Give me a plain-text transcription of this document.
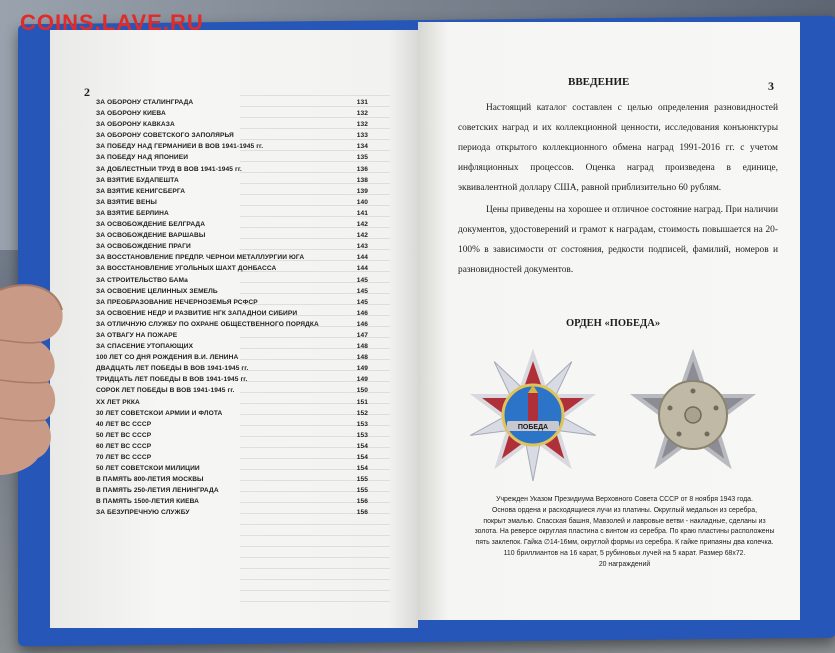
COINS.LAVE.RU
2
ЗА ОБОРОНУ СТАЛИНГРАДА	131
ЗА ОБОРОНУ КИЕВА	132
ЗА ОБОРОНУ КАВКАЗА	132
ЗА ОБОРОНУ СОВЕТСКОГО ЗАПОЛЯРЬЯ	133
ЗА ПОБЕДУ НАД ГЕРМАНИЕЙ В ВОВ 1941-1945 гг.	134
ЗА ПОБЕДУ НАД ЯПОНИЕЙ	135
ЗА ДОБЛЕСТНЫЙ ТРУД В ВОВ 1941-1945 гг.	136
ЗА ВЗЯТИЕ БУДАПЕШТА	138
ЗА ВЗЯТИЕ КЕНИГСБЕРГА	139
ЗА ВЗЯТИЕ ВЕНЫ	140
ЗА ВЗЯТИЕ БЕРЛИНА	141
ЗА ОСВОБОЖДЕНИЕ БЕЛГРАДА	142
ЗА ОСВОБОЖДЕНИЕ ВАРШАВЫ	142
ЗА ОСВОБОЖДЕНИЕ ПРАГИ	143
ЗА ВОССТАНОВЛЕНИЕ ПРЕДПР. ЧЕРНОЙ МЕТАЛЛУРГИИ ЮГА	144
ЗА ВОССТАНОВЛЕНИЕ УГОЛЬНЫХ ШАХТ ДОНБАССА	144
ЗА СТРОИТЕЛЬСТВО БАМа	145
ЗА ОСВОЕНИЕ ЦЕЛИННЫХ ЗЕМЕЛЬ	145
ЗА ПРЕОБРАЗОВАНИЕ НЕЧЕРНОЗЕМЬЯ РСФСР	145
ЗА ОСВОЕНИЕ НЕДР И РАЗВИТИЕ НГК ЗАПАДНОЙ СИБИРИ	146
ЗА ОТЛИЧНУЮ СЛУЖБУ ПО ОХРАНЕ ОБЩЕСТВЕННОГО ПОРЯДКА	146
ЗА ОТВАГУ НА ПОЖАРЕ	147
ЗА СПАСЕНИЕ УТОПАЮЩИХ	148
100 ЛЕТ СО ДНЯ РОЖДЕНИЯ В.И. ЛЕНИНА	148
ДВАДЦАТЬ ЛЕТ ПОБЕДЫ В ВОВ 1941-1945 гг.	149
ТРИДЦАТЬ ЛЕТ ПОБЕДЫ В ВОВ 1941-1945 гг.	149
СОРОК ЛЕТ ПОБЕДЫ В ВОВ 1941-1945 гг.	150
XX ЛЕТ РККА	151
30 ЛЕТ СОВЕТСКОЙ АРМИИ И ФЛОТА	152
40 ЛЕТ ВС СССР	153
50 ЛЕТ ВС СССР	153
60 ЛЕТ ВС СССР	154
70 ЛЕТ ВС СССР	154
50 ЛЕТ СОВЕТСКОЙ МИЛИЦИИ	154
В ПАМЯТЬ 800-ЛЕТИЯ МОСКВЫ	155
В ПАМЯТЬ 250-ЛЕТИЯ ЛЕНИНГРАДА	155
В ПАМЯТЬ 1500-ЛЕТИЯ КИЕВА	156
ЗА БЕЗУПРЕЧНУЮ СЛУЖБУ	156
ВВЕДЕНИЕ	3

Настоящий каталог составлен с целью определения разновидностей советских наград и их коллекционной ценности, исследования конъюнктуры периода открытого коллекционного обмена наград 1991-2016 гг. с учетом инфляционных процессов. Оценка наград произведена в единице, эквивалентной доллару США, равной приблизительно 60 рублям.

Цены приведены на хорошее и отличное состояние наград. При наличии документов, удостоверений и грамот к наградам, стоимость повышается на 20-100% в зависимости от состояния, редкости подписей, фамилий, номеров и разновидностей документов.

ОРДЕН «ПОБЕДА»
ПОБЕДА
Учрежден Указом Президиума Верховного Совета СССР от 8 ноября 1943 года.
Основа ордена и расходящиеся лучи из платины. Округлый медальон из серебра,
покрыт эмалью. Спасская башня, Мавзолей и лавровые ветви - накладные, сделаны из
золота. На реверсе округлая пластина с винтом из серебра. По краю пластины расположены
пять заклепок. Гайка ∅14-16мм, округлой формы из серебра. К гайке припаяны два колечка.
110 бриллиантов на 16 карат, 5 рубиновых лучей на 5 карат. Размер 68х72.
20 награждений
